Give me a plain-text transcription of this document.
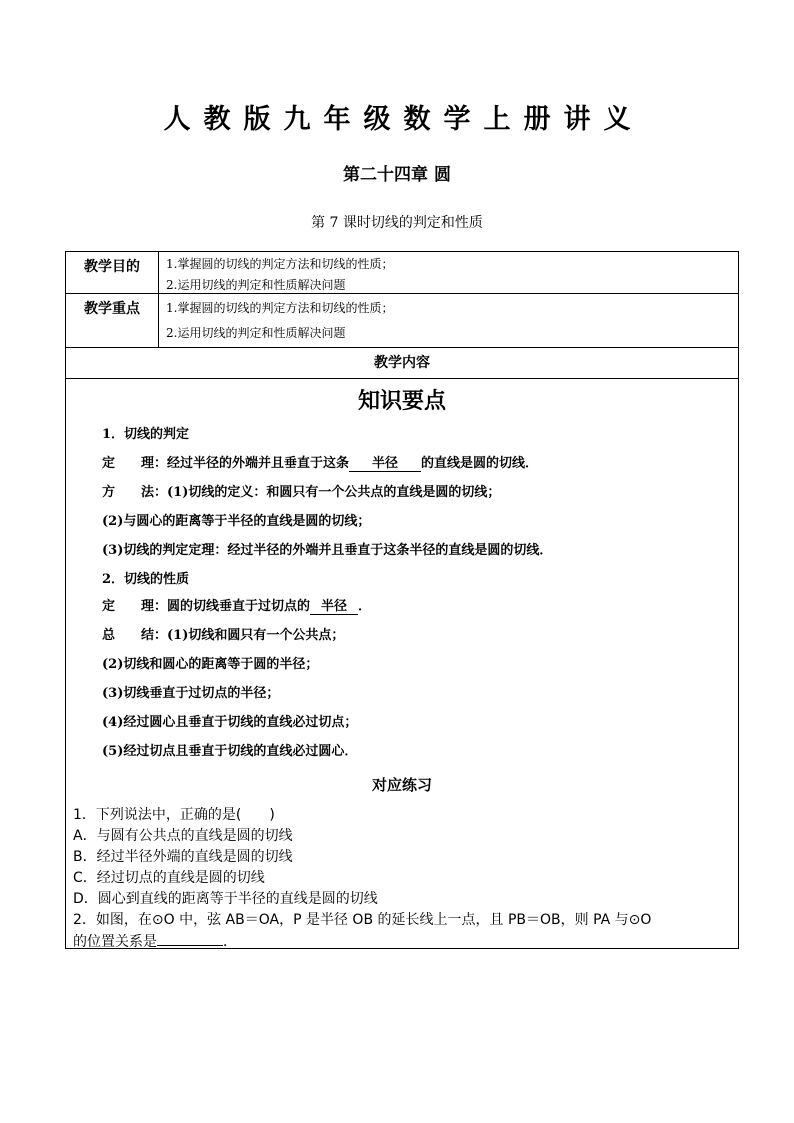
人教版九年级数学上册讲义
第二十四章 圆
第 7 课时切线的判定和性质
教学目的	1.掌握圆的切线的判定方法和切线的性质；
2.运用切线的判定和性质解决问题
教学重点	1.掌握圆的切线的判定方法和切线的性质；
2.运用切线的判定和性质解决问题
教学内容
知识要点
1．切线的判定
定　　理：经过半径的外端并且垂直于这条 半径 的直线是圆的切线．
方　　法：(1)切线的定义：和圆只有一个公共点的直线是圆的切线；
(2)与圆心的距离等于半径的直线是圆的切线；
(3)切线的判定定理：经过半径的外端并且垂直于这条半径的直线是圆的切线．
2．切线的性质
定　　理：圆的切线垂直于过切点的 半径 ．
总　　结：(1)切线和圆只有一个公共点；
(2)切线和圆心的距离等于圆的半径；
(3)切线垂直于过切点的半径；
(4)经过圆心且垂直于切线的直线必过切点；
(5)经过切点且垂直于切线的直线必过圆心．
对应练习
1．下列说法中，正确的是(　　)
A．与圆有公共点的直线是圆的切线
B．经过半径外端的直线是圆的切线
C．经过切点的直线是圆的切线
D．圆心到直线的距离等于半径的直线是圆的切线
2．如图，在⊙O 中，弦 AB＝OA，P 是半径 OB 的延长线上一点，且 PB＝OB，则 PA 与⊙O
的位置关系是	．
